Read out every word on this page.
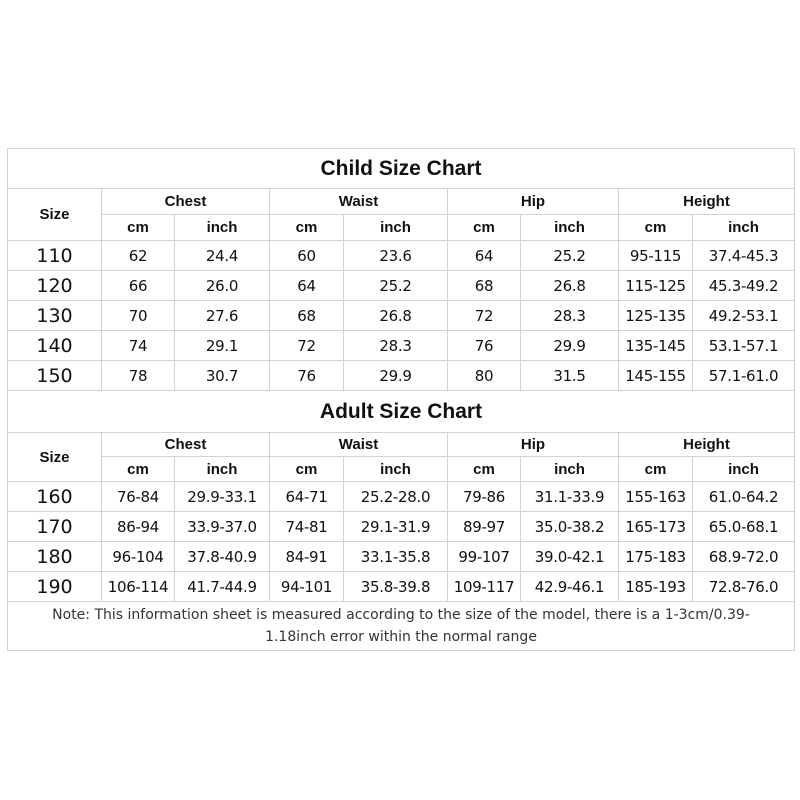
Child Size Chart								
Size	Chest		Waist		Hip		Height	
	cm	inch	cm	inch	cm	inch	cm	inch
110	62	24.4	60	23.6	64	25.2	95-115	37.4-45.3
120	66	26.0	64	25.2	68	26.8	115-125	45.3-49.2
130	70	27.6	68	26.8	72	28.3	125-135	49.2-53.1
140	74	29.1	72	28.3	76	29.9	135-145	53.1-57.1
150	78	30.7	76	29.9	80	31.5	145-155	57.1-61.0
Adult Size Chart								
Size	Chest		Waist		Hip		Height	
	cm	inch	cm	inch	cm	inch	cm	inch
160	76-84	29.9-33.1	64-71	25.2-28.0	79-86	31.1-33.9	155-163	61.0-64.2
170	86-94	33.9-37.0	74-81	29.1-31.9	89-97	35.0-38.2	165-173	65.0-68.1
180	96-104	37.8-40.9	84-91	33.1-35.8	99-107	39.0-42.1	175-183	68.9-72.0
190	106-114	41.7-44.9	94-101	35.8-39.8	109-117	42.9-46.1	185-193	72.8-76.0
Note: This information sheet is measured according to the size of the model, there is a 1-3cm/0.39-1.18inch error within the normal range								
